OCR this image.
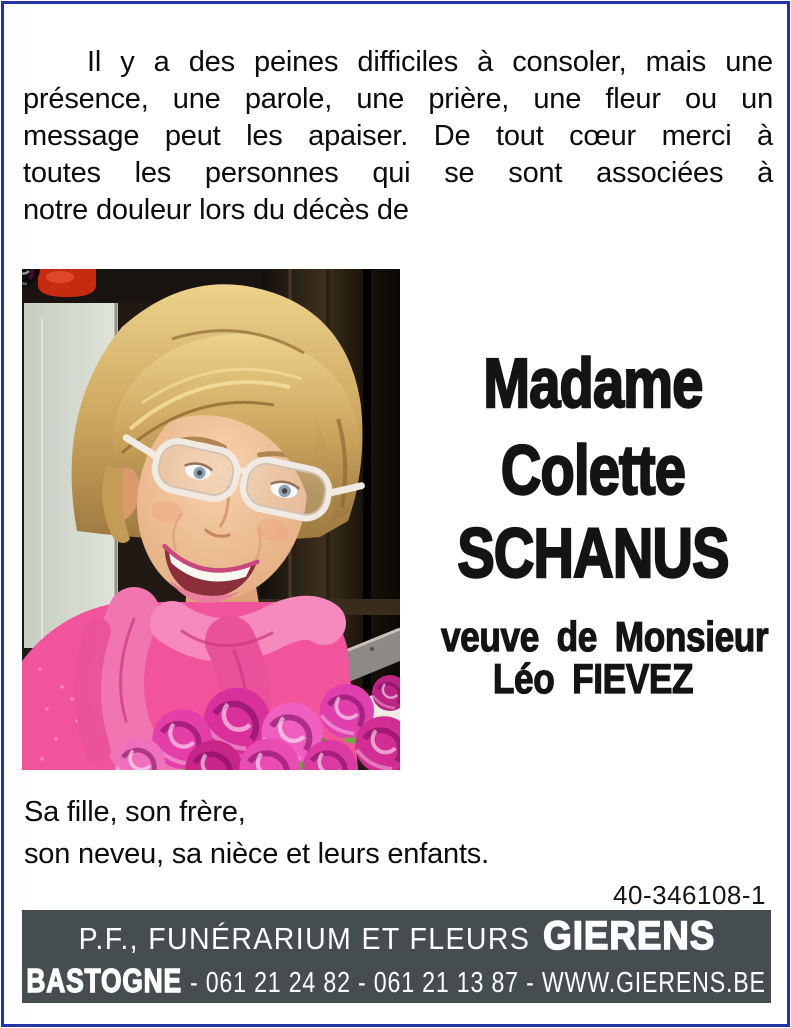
Il y a des peines difficiles à consoler, mais une
présence, une parole, une prière, une fleur ou un
message peut les apaiser. De tout cœur merci à
toutes les personnes qui se sont associées à
notre douleur lors du décès de
Madame
Colette
SCHANUS
veuve de Monsieur
Léo FIEVEZ
Sa fille, son frère,
son neveu, sa nièce et leurs enfants.
40-346108-1
P.F., FUNÉRARIUM ET FLEURS GIERENS
BASTOGNE - 061 21 24 82 - 061 21 13 87 - WWW.GIERENS.BE
